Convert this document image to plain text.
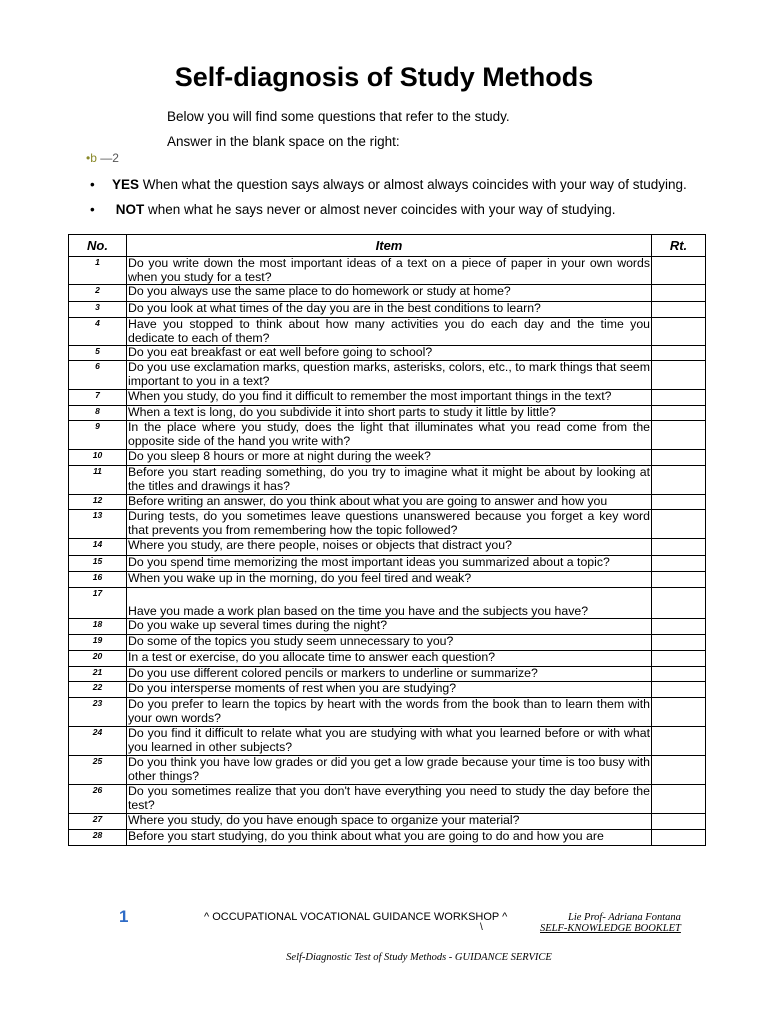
Self-diagnosis of Study Methods
Below you will find some questions that refer to the study.
Answer in the blank space on the right:
•b —2
• YES When what the question says always or almost always coincides with your way of studying.
• NOT when what he says never or almost never coincides with your way of studying.
No.	Item	Rt.
1	Do you write down the most important ideas of a text on a piece of paper in your own words when you study for a test?	
2	Do you always use the same place to do homework or study at home?	
3	Do you look at what times of the day you are in the best conditions to learn?	
4	Have you stopped to think about how many activities you do each day and the time you dedicate to each of them?	
5	Do you eat breakfast or eat well before going to school?	
6	Do you use exclamation marks, question marks, asterisks, colors, etc., to mark things that seem important to you in a text?	
7	When you study, do you find it difficult to remember the most important things in the text?	
8	When a text is long, do you subdivide it into short parts to study it little by little?	
9	In the place where you study, does the light that illuminates what you read come from the opposite side of the hand you write with?	
10	Do you sleep 8 hours or more at night during the week?	
11	Before you start reading something, do you try to imagine what it might be about by looking at the titles and drawings it has?	
12	Before writing an answer, do you think about what you are going to answer and how you	
13	During tests, do you sometimes leave questions unanswered because you forget a key word that prevents you from remembering how the topic followed?	
14	Where you study, are there people, noises or objects that distract you?	
15	Do you spend time memorizing the most important ideas you summarized about a topic?	
16	When you wake up in the morning, do you feel tired and weak?	
17	Have you made a work plan based on the time you have and the subjects you have?	
18	Do you wake up several times during the night?	
19	Do some of the topics you study seem unnecessary to you?	
20	In a test or exercise, do you allocate time to answer each question?	
21	Do you use different colored pencils or markers to underline or summarize?	
22	Do you intersperse moments of rest when you are studying?	
23	Do you prefer to learn the topics by heart with the words from the book than to learn them with your own words?	
24	Do you find it difficult to relate what you are studying with what you learned before or with what you learned in other subjects?	
25	Do you think you have low grades or did you get a low grade because your time is too busy with other things?	
26	Do you sometimes realize that you don't have everything you need to study the day before the test?	
27	Where you study, do you have enough space to organize your material?	
28	Before you start studying, do you think about what you are going to do and how you are	
1	^ OCCUPATIONAL VOCATIONAL GUIDANCE WORKSHOP ^
\
Lie Prof- Adriana Fontana
SELF-KNOWLEDGE BOOKLET
Self-Diagnostic Test of Study Methods - GUIDANCE SERVICE
